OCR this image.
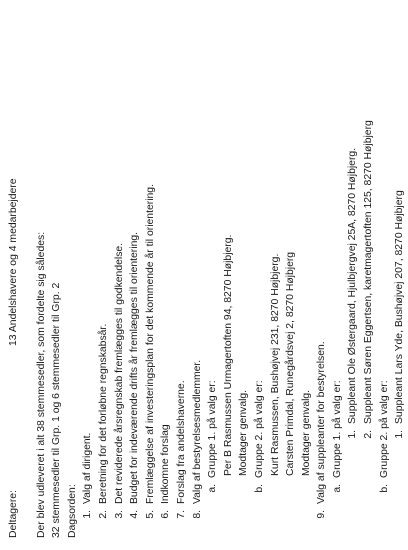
Deltagere:
13 Andelshavere og 4 medarbejdere Der blev udleveret i alt 38 stemmesedler, som fordelte sig således: 32 stemmesedler til Grp. 1 og 6 stemmesedler til Grp. 2 Dagsorden: 1.Valg af dirigent.
2.Beretning for det forløbne regnskabsår.
3.Det reviderede årsregnskab fremlægges til godkendelse.
4.Budget for indeværende drifts år fremlægges til orientering.
5.Fremlæggelse af investeringsplan for det kommende år til orientering.
6.Indkomne forslag
7.Forslag fra andelshaverne.
8.Valg af bestyrelsesmedlemmer. a.Gruppe 1. på valg er: Per B Rasmussen Urmagertoften 94, 8270 Højbjerg. Modtager genvalg.
b.Gruppe 2. på valg er: Kurt Rasmussen, Bushøjvej 231, 8270 Højbjerg. Carsten Primdal, Runegårdsvej 2, 8270 Højbjerg Modtager genvalg.
9.Valg af suppleanter for bestyrelsen. a.Gruppe 1. på valg er: 1.Suppleant Ole Østergaard, Hjulbjergvej 25A, 8270 Højbjerg.
2.Suppleant Søren Eggertsen, karetmagertoften 125, 8270 Højbjerg
b.Gruppe 2. på valg er: 1.Suppleant Lars Yde, Bushøjvej 207, 8270 Højbjerg
